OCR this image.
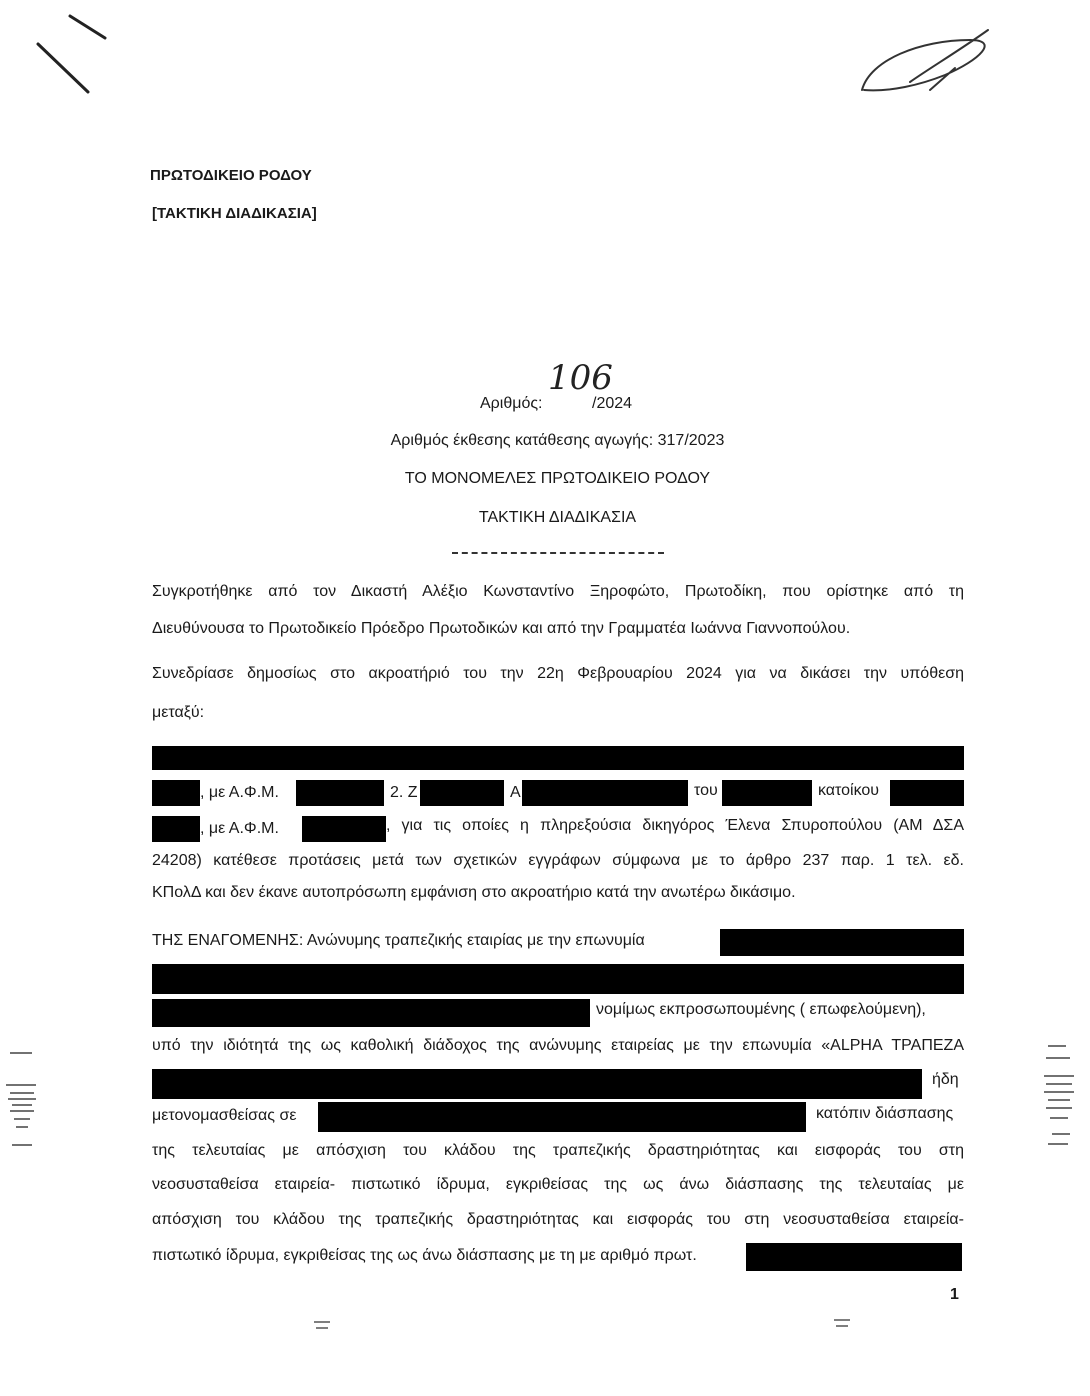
ΠΡΩΤΟΔΙΚΕΙΟ ΡΟΔΟΥ
[ΤΑΚΤΙΚΗ ΔΙΑΔΙΚΑΣΙΑ]
Αριθμός:
106
/2024
Αριθμός έκθεσης κατάθεσης αγωγής: 317/2023
ΤΟ ΜΟΝΟΜΕΛΕΣ ΠΡΩΤΟΔΙΚΕΙΟ ΡΟΔΟΥ
ΤΑΚΤΙΚΗ ΔΙΑΔΙΚΑΣΙΑ
Συγκροτήθηκε από τον Δικαστή Αλέξιο Κωνσταντίνο Ξηροφώτο, Πρωτοδίκη, που ορίστηκε από τη
Διευθύνουσα το Πρωτοδικείο Πρόεδρο Πρωτοδικών και από την Γραμματέα Ιωάννα Γιαννοπούλου.
Συνεδρίασε δημοσίως στο ακροατήριό του την 22η Φεβρουαρίου 2024 για να δικάσει την υπόθεση
μεταξύ:
, με Α.Φ.Μ.	2. Ζ	Α	του	κατοίκου
, με Α.Φ.Μ.	, για τις οποίες η πληρεξούσια δικηγόρος Έλενα Σπυροπούλου (ΑΜ ΔΣΑ
24208) κατέθεσε προτάσεις μετά των σχετικών εγγράφων σύμφωνα με το άρθρο 237 παρ. 1 τελ. εδ.
ΚΠολΔ και δεν έκανε αυτοπρόσωπη εμφάνιση στο ακροατήριο κατά την ανωτέρω δικάσιμο.
ΤΗΣ ΕΝΑΓΟΜΕΝΗΣ: Ανώνυμης τραπεζικής εταιρίας με την επωνυμία
νομίμως εκπροσωπουμένης ( επωφελούμενη),
υπό την ιδιότητά της ως καθολική διάδοχος της ανώνυμης εταιρείας με την επωνυμία «ALPHA ΤΡΑΠΕΖΑ
ήδη
μετονομασθείσας σε	κατόπιν διάσπασης
της τελευταίας με απόσχιση του κλάδου της τραπεζικής δραστηριότητας και εισφοράς του στη
νεοσυσταθείσα εταιρεία- πιστωτικό ίδρυμα, εγκριθείσας της ως άνω διάσπασης της τελευταίας με
απόσχιση του κλάδου της τραπεζικής δραστηριότητας και εισφοράς του στη νεοσυσταθείσα εταιρεία-
πιστωτικό ίδρυμα, εγκριθείσας της ως άνω διάσπασης με τη με αριθμό πρωτ.
1
